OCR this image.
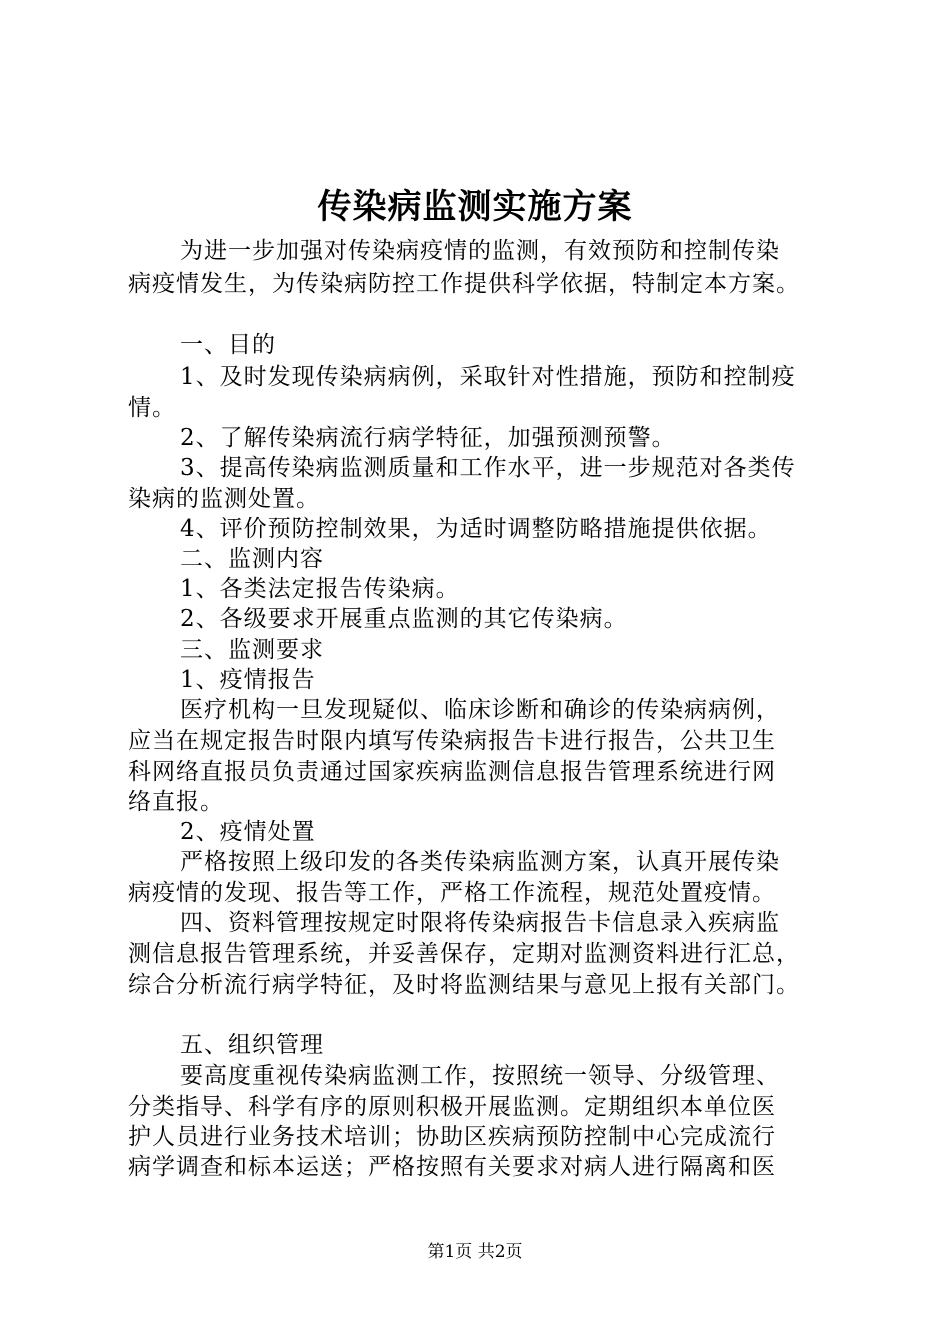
传染病监测实施方案
为进一步加强对传染病疫情的监测，有效预防和控制传染
病疫情发生，为传染病防控工作提供科学依据，特制定本方案。
一、目的
1、及时发现传染病病例，采取针对性措施，预防和控制疫
情。
2、了解传染病流行病学特征，加强预测预警。
3、提高传染病监测质量和工作水平，进一步规范对各类传
染病的监测处置。
4、评价预防控制效果，为适时调整防略措施提供依据。
二、监测内容
1、各类法定报告传染病。
2、各级要求开展重点监测的其它传染病。
三、监测要求
1、疫情报告
医疗机构一旦发现疑似、临床诊断和确诊的传染病病例，
应当在规定报告时限内填写传染病报告卡进行报告，公共卫生
科网络直报员负责通过国家疾病监测信息报告管理系统进行网
络直报。
2、疫情处置
严格按照上级印发的各类传染病监测方案，认真开展传染
病疫情的发现、报告等工作，严格工作流程，规范处置疫情。
四、资料管理按规定时限将传染病报告卡信息录入疾病监
测信息报告管理系统，并妥善保存，定期对监测资料进行汇总，
综合分析流行病学特征，及时将监测结果与意见上报有关部门。
五、组织管理
要高度重视传染病监测工作，按照统一领导、分级管理、
分类指导、科学有序的原则积极开展监测。定期组织本单位医
护人员进行业务技术培训；协助区疾病预防控制中心完成流行
病学调查和标本运送；严格按照有关要求对病人进行隔离和医
第1页 共2页
